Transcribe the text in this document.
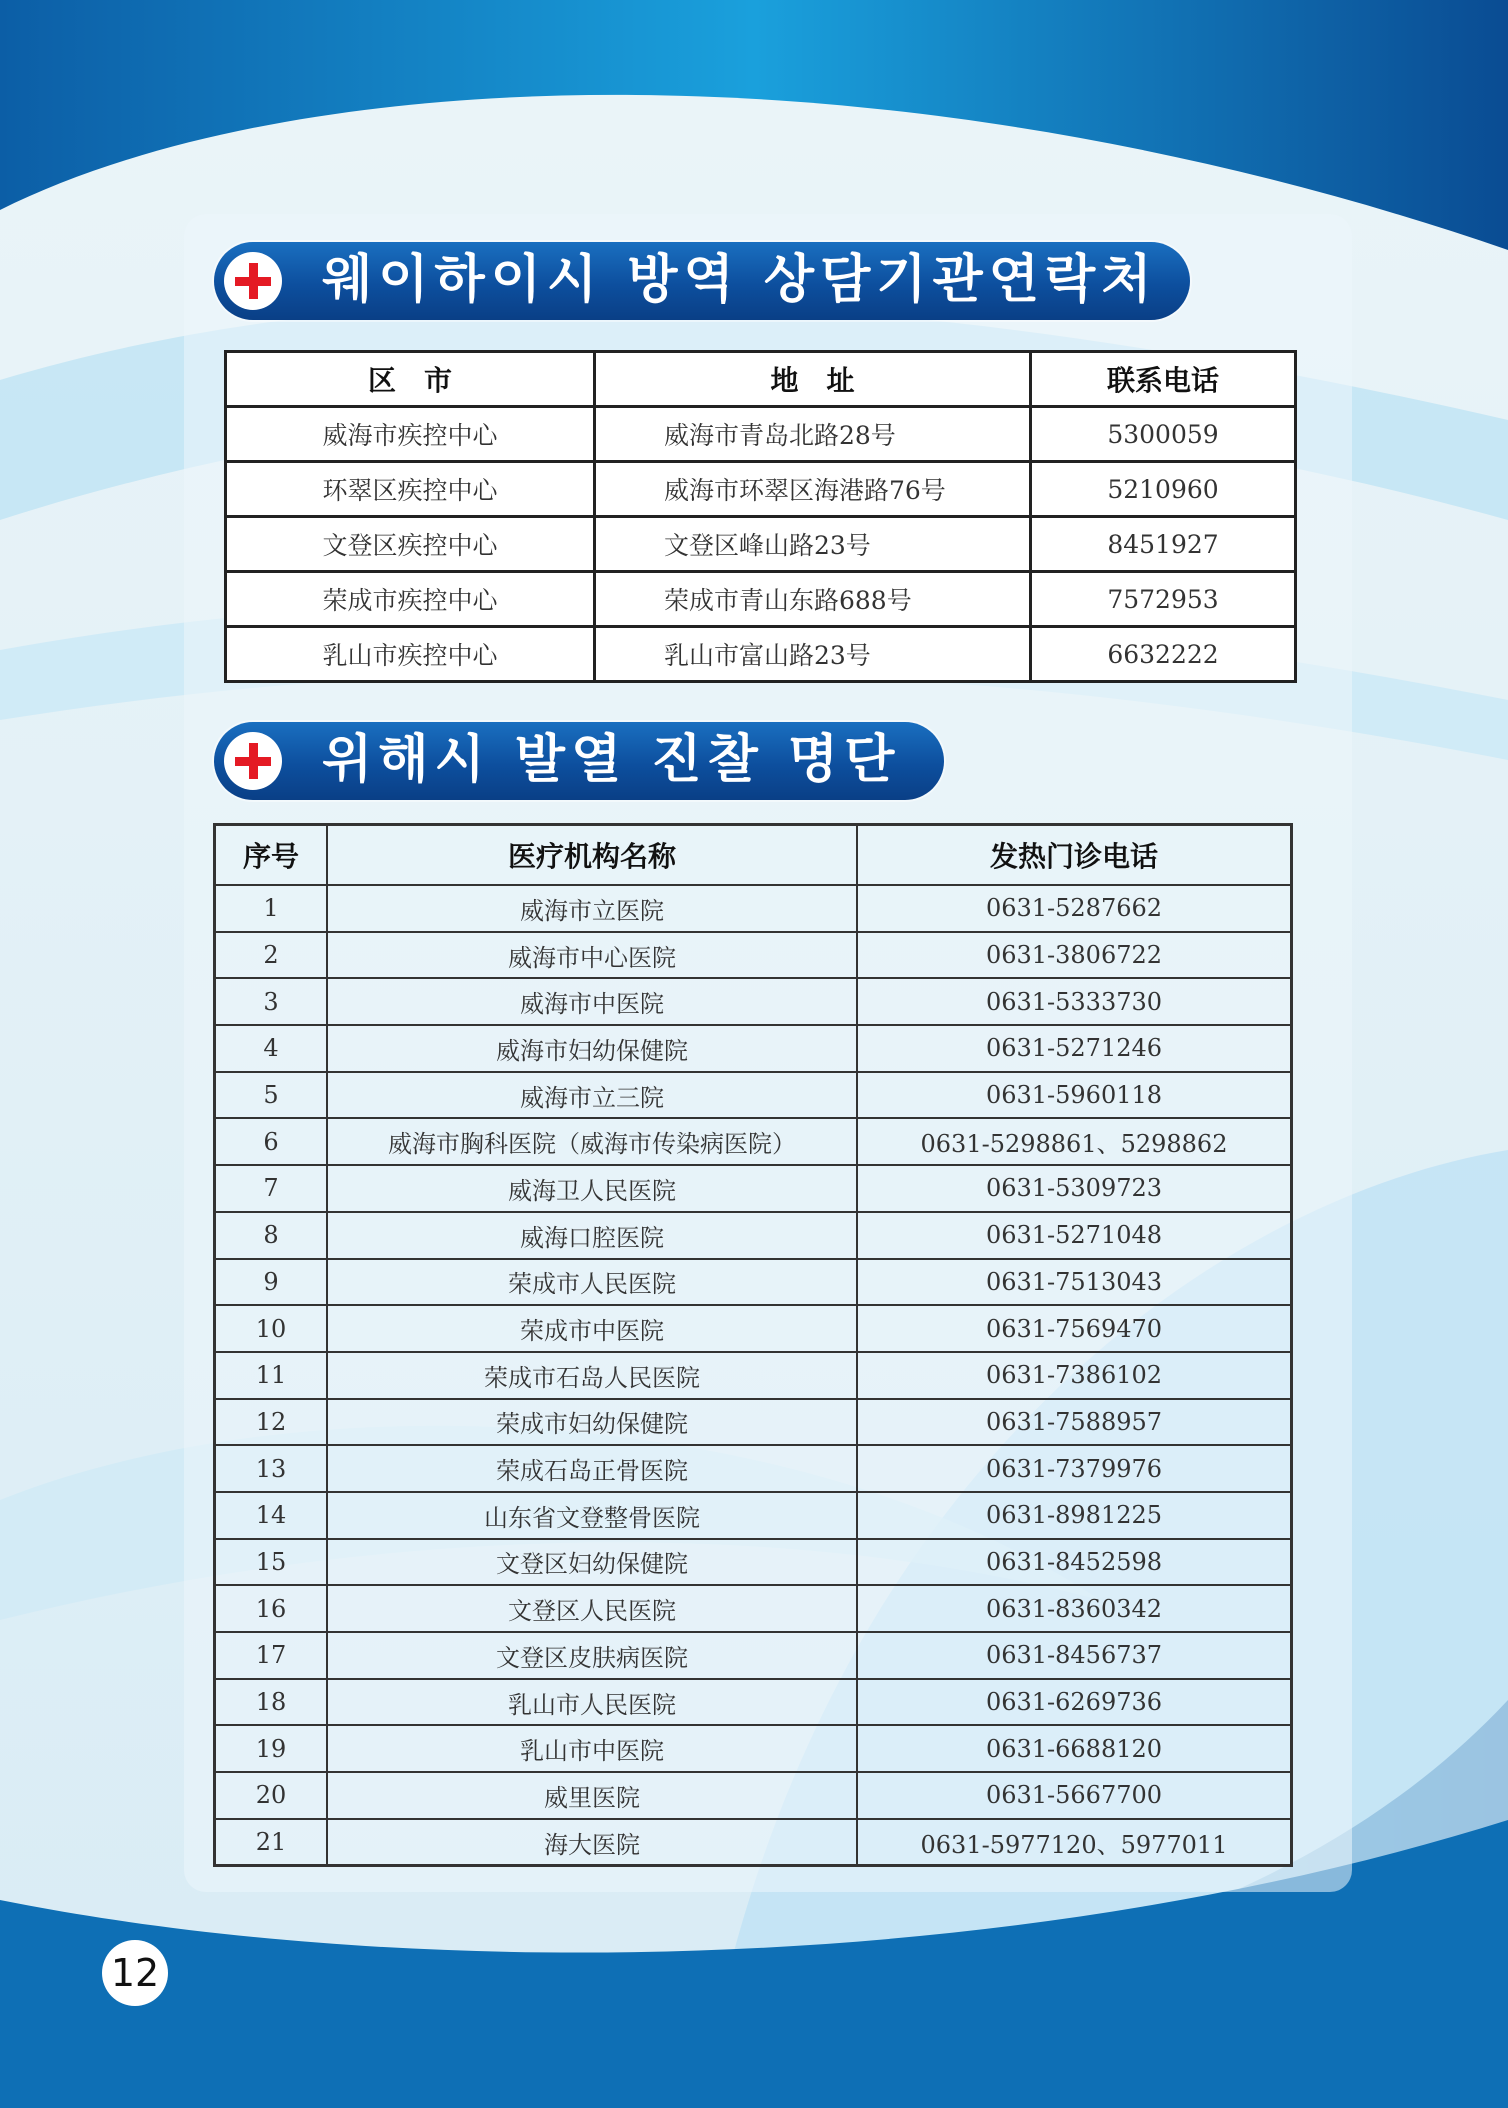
웨이하이시 방역 상담기관연락처
区　市	地　址	联系电话
威海市疾控中心	威海市青岛北路28号	5300059
环翠区疾控中心	威海市环翠区海港路76号	5210960
文登区疾控中心	文登区峰山路23号	8451927
荣成市疾控中心	荣成市青山东路688号	7572953
乳山市疾控中心	乳山市富山路23号	6632222
위해시 발열 진찰 명단
序号	医疗机构名称	发热门诊电话
1	威海市立医院	0631-5287662
2	威海市中心医院	0631-3806722
3	威海市中医院	0631-5333730
4	威海市妇幼保健院	0631-5271246
5	威海市立三院	0631-5960118
6	威海市胸科医院（威海市传染病医院）	0631-5298861、5298862
7	威海卫人民医院	0631-5309723
8	威海口腔医院	0631-5271048
9	荣成市人民医院	0631-7513043
10	荣成市中医院	0631-7569470
11	荣成市石岛人民医院	0631-7386102
12	荣成市妇幼保健院	0631-7588957
13	荣成石岛正骨医院	0631-7379976
14	山东省文登整骨医院	0631-8981225
15	文登区妇幼保健院	0631-8452598
16	文登区人民医院	0631-8360342
17	文登区皮肤病医院	0631-8456737
18	乳山市人民医院	0631-6269736
19	乳山市中医院	0631-6688120
20	威里医院	0631-5667700
21	海大医院	0631-5977120、5977011
12
